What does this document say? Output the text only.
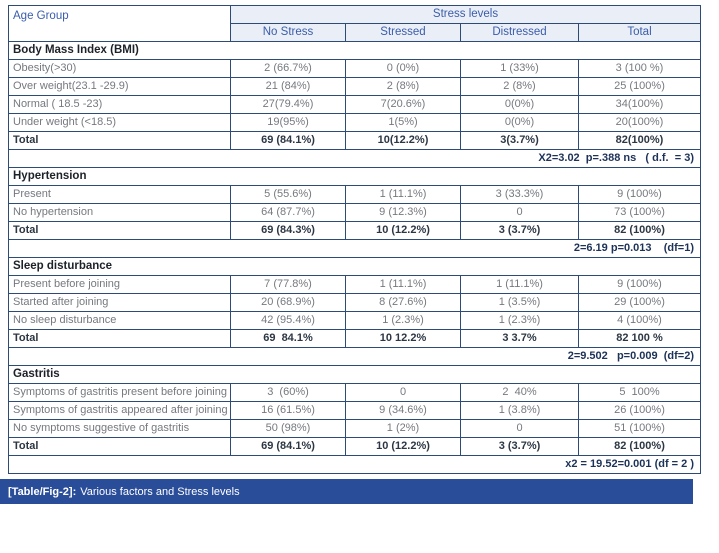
Age Group	Stress levels			
	No Stress	Stressed	Distressed	Total
Body Mass Index (BMI)				
Obesity(>30)	2 (66.7%)	0 (0%)	1 (33%)	3 (100 %)
Over weight(23.1 -29.9)	21 (84%)	2 (8%)	2 (8%)	25 (100%)
Normal ( 18.5 -23)	27(79.4%)	7(20.6%)	0(0%)	34(100%)
Under weight (<18.5)	19(95%)	1(5%)	0(0%)	20(100%)
Total	69 (84.1%)	10(12.2%)	3(3.7%)	82(100%)
X2=3.02  p=.388 ns   ( d.f.  = 3)				
Hypertension				
Present	5 (55.6%)	1 (11.1%)	3 (33.3%)	9 (100%)
No hypertension	64 (87.7%)	9 (12.3%)	0	73 (100%)
Total	69 (84.3%)	10 (12.2%)	3 (3.7%)	82 (100%)
2=6.19 p=0.013    (df=1)				
Sleep disturbance				
Present before joining	7 (77.8%)	1 (11.1%)	1 (11.1%)	9 (100%)
Started after joining	20 (68.9%)	8 (27.6%)	1 (3.5%)	29 (100%)
No sleep disturbance	42 (95.4%)	1 (2.3%)	1 (2.3%)	4 (100%)
Total	69  84.1%	10 12.2%	3 3.7%	82 100 %
2=9.502   p=0.009  (df=2)				
Gastritis				
Symptoms of gastritis present before joining	3  (60%)	0	2  40%	5  100%
Symptoms of gastritis appeared after joining	16 (61.5%)	9 (34.6%)	1 (3.8%)	26 (100%)
No symptoms suggestive of gastritis	50 (98%)	1 (2%)	0	51 (100%)
Total	69 (84.1%)	10 (12.2%)	3 (3.7%)	82 (100%)
x2 = 19.52=0.001 (df = 2 )				
[Table/Fig-2]: Various factors and Stress levels
